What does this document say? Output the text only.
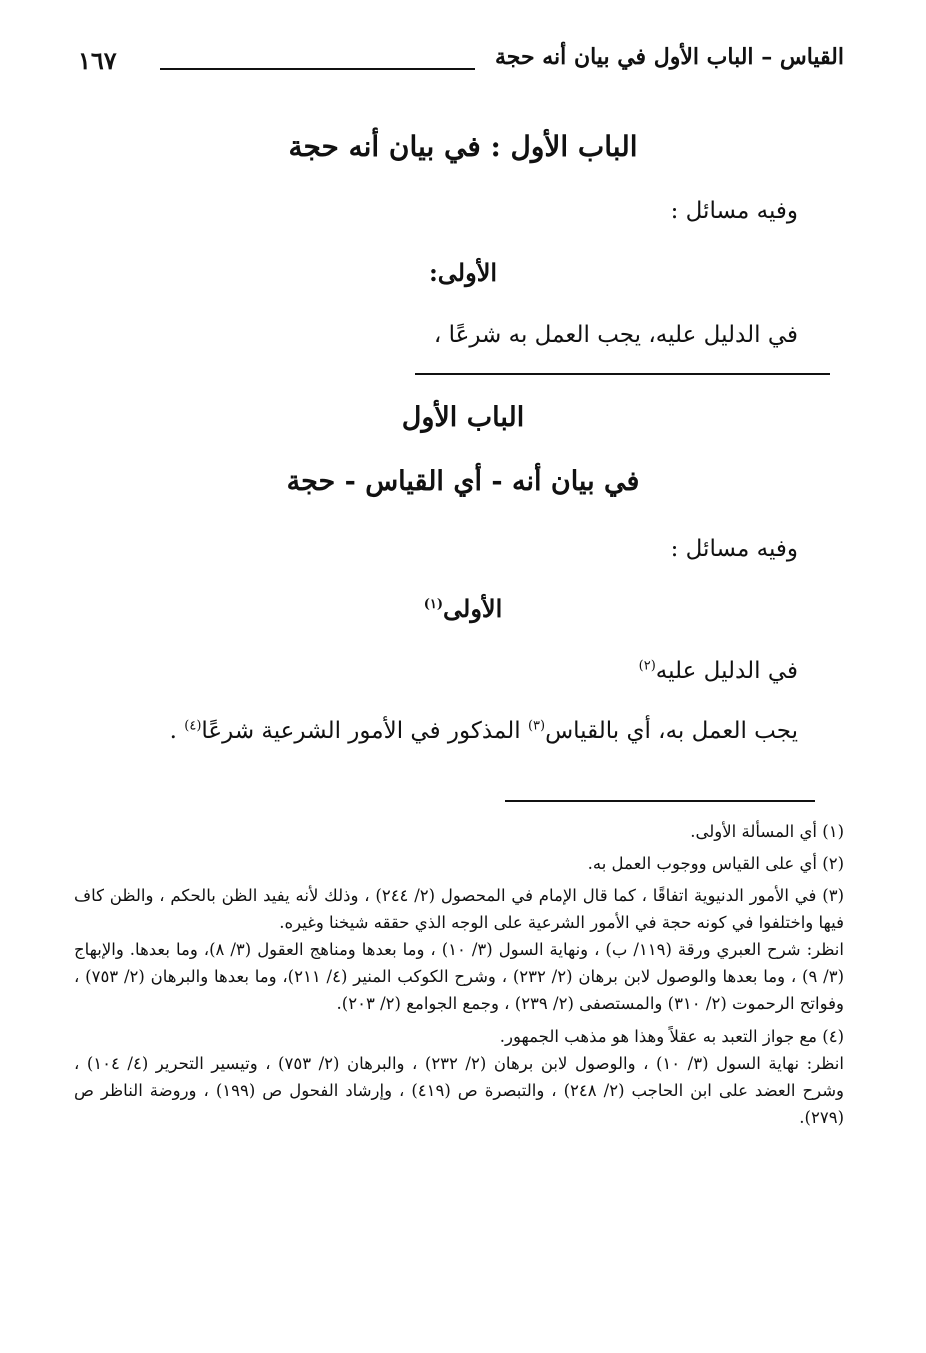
القياس – الباب الأول في بيان أنه حجة
١٦٧
الباب الأول : في بيان أنه حجة
وفيه مسائل :
الأولى:
في الدليل عليه، يجب العمل به شرعًا ،
الباب الأول
في بيان أنه - أي القياس - حجة
وفيه مسائل :
الأولى$^{(١)}$
في الدليل عليه$^{(٢)}$
يجب العمل به، أي بالقياس$^{(٣)}$ المذكور في الأمور الشرعية شرعًا$^{(٤)}$ .

(١) أي المسألة الأولى.

(٢) أي على القياس ووجوب العمل به.

(٣) في الأمور الدنيوية اتفاقًا ، كما قال الإمام في المحصول (٢/ ٢٤٤) ، وذلك لأنه يفيد الظن بالحكم ، والظن كاف فيها واختلفوا في كونه حجة في الأمور الشرعية على الوجه الذي حققه شيخنا وغيره.

انظر: شرح العبري ورقة (١١٩/ ب) ، ونهاية السول (٣/ ١٠) ، وما بعدها ومناهج العقول (٣/ ٨)، وما بعدها. والإبهاج (٣/ ٩) ، وما بعدها والوصول لابن برهان (٢/ ٢٣٢) ، وشرح الكوكب المنير (٤/ ٢١١)، وما بعدها والبرهان (٢/ ٧٥٣) ، وفواتح الرحموت (٢/ ٣١٠) والمستصفى (٢/ ٢٣٩) ، وجمع الجوامع (٢/ ٢٠٣).

(٤) مع جواز التعبد به عقلاً وهذا هو مذهب الجمهور.

انظر: نهاية السول (٣/ ١٠) ، والوصول لابن برهان (٢/ ٢٣٢) ، والبرهان (٢/ ٧٥٣) ، وتيسير التحرير (٤/ ١٠٤) ، وشرح العضد على ابن الحاجب (٢/ ٢٤٨) ، والتبصرة ص (٤١٩) ، وإرشاد الفحول ص (١٩٩) ، وروضة الناظر ص (٢٧٩).
